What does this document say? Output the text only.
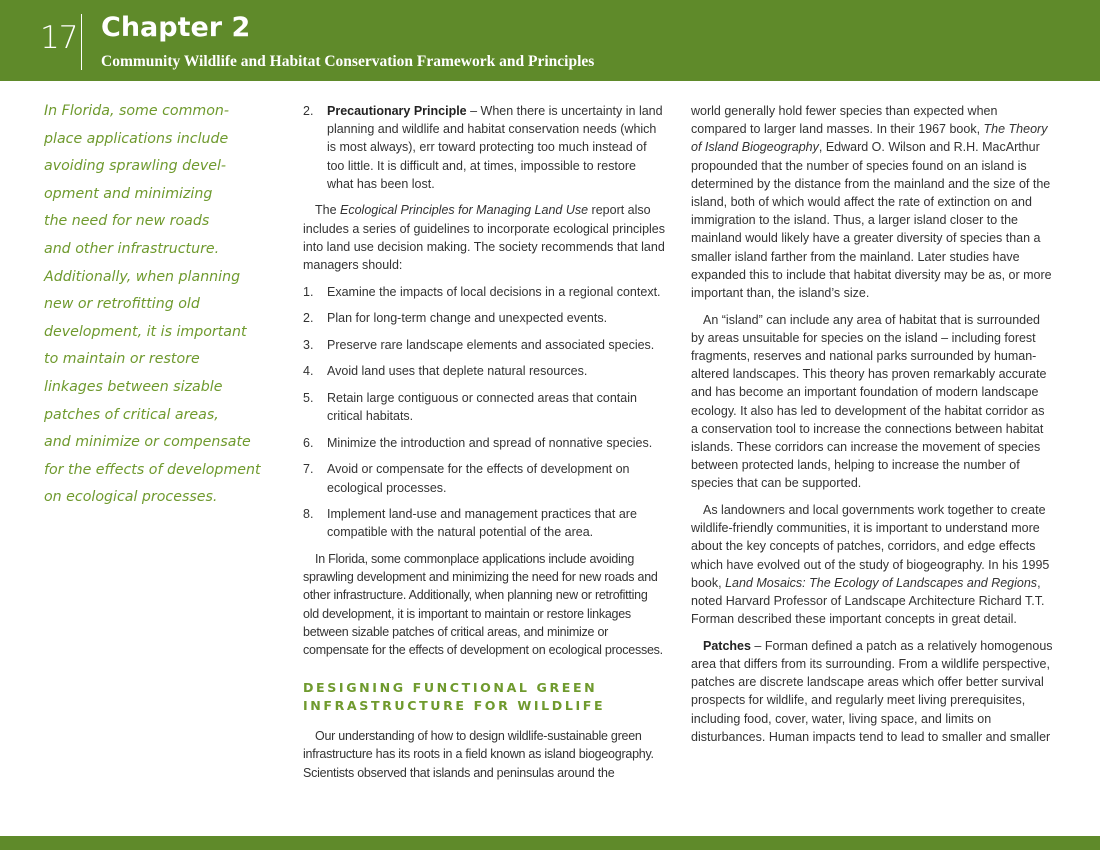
17 Chapter 2
Community Wildlife and Habitat Conservation Framework and Principles
In Florida, some common-
place applications include
avoiding sprawling devel-
opment and minimizing
the need for new roads
and other infrastructure.
Additionally, when planning
new or retrofitting old
development, it is important
to maintain or restore
linkages between sizable
patches of critical areas,
and minimize or compensate
for the effects of development
on ecological processes.
2. Precautionary Principle – When there is uncertainty in land planning and wildlife and habitat conservation needs (which is most always), err toward protecting too much instead of too little. It is difficult and, at times, impossible to restore what has been lost.

The Ecological Principles for Managing Land Use report also includes a series of guidelines to incorporate ecological principles into land use decision making. The society recommends that land managers should:

1. Examine the impacts of local decisions in a regional context.
2. Plan for long-term change and unexpected events.
3. Preserve rare landscape elements and associated species.
4. Avoid land uses that deplete natural resources.
5. Retain large contiguous or connected areas that contain critical habitats.
6. Minimize the introduction and spread of nonnative species.
7. Avoid or compensate for the effects of development on ecological processes.
8. Implement land-use and management practices that are compatible with the natural potential of the area.

In Florida, some commonplace applications include avoiding sprawling development and minimizing the need for new roads and other infrastructure. Additionally, when planning new or retrofitting old development, it is important to maintain or restore linkages between sizable patches of critical areas, and minimize or compensate for the effects of development on ecological processes.

DESIGNING FUNCTIONAL GREEN INFRASTRUCTURE FOR WILDLIFE

Our understanding of how to design wildlife-sustainable green infrastructure has its roots in a field known as island biogeography. Scientists observed that islands and peninsulas around the

world generally hold fewer species than expected when compared to larger land masses. In their 1967 book, The Theory of Island Biogeography, Edward O. Wilson and R.H. MacArthur propounded that the number of species found on an island is determined by the distance from the mainland and the size of the island, both of which would affect the rate of extinction on and immigration to the island. Thus, a larger island closer to the mainland would likely have a greater diversity of species than a smaller island farther from the mainland. Later studies have expanded this to include that habitat diversity may be as, or more important than, the island’s size.

An “island” can include any area of habitat that is surrounded by areas unsuitable for species on the island – including forest fragments, reserves and national parks surrounded by human-altered landscapes. This theory has proven remarkably accurate and has become an important foundation of modern landscape ecology. It also has led to development of the habitat corridor as a conservation tool to increase the connections between habitat islands. These corridors can increase the movement of species between protected lands, helping to increase the number of species that can be supported.

As landowners and local governments work together to create wildlife-friendly communities, it is important to understand more about the key concepts of patches, corridors, and edge effects which have evolved out of the study of biogeography. In his 1995 book, Land Mosaics: The Ecology of Landscapes and Regions, noted Harvard Professor of Landscape Architecture Richard T.T. Forman described these important concepts in great detail.

Patches – Forman defined a patch as a relatively homogenous area that differs from its surrounding. From a wildlife perspective, patches are discrete landscape areas which offer better survival prospects for wildlife, and regularly meet living prerequisites, including food, cover, water, living space, and limits on disturbances. Human impacts tend to lead to smaller and smaller
